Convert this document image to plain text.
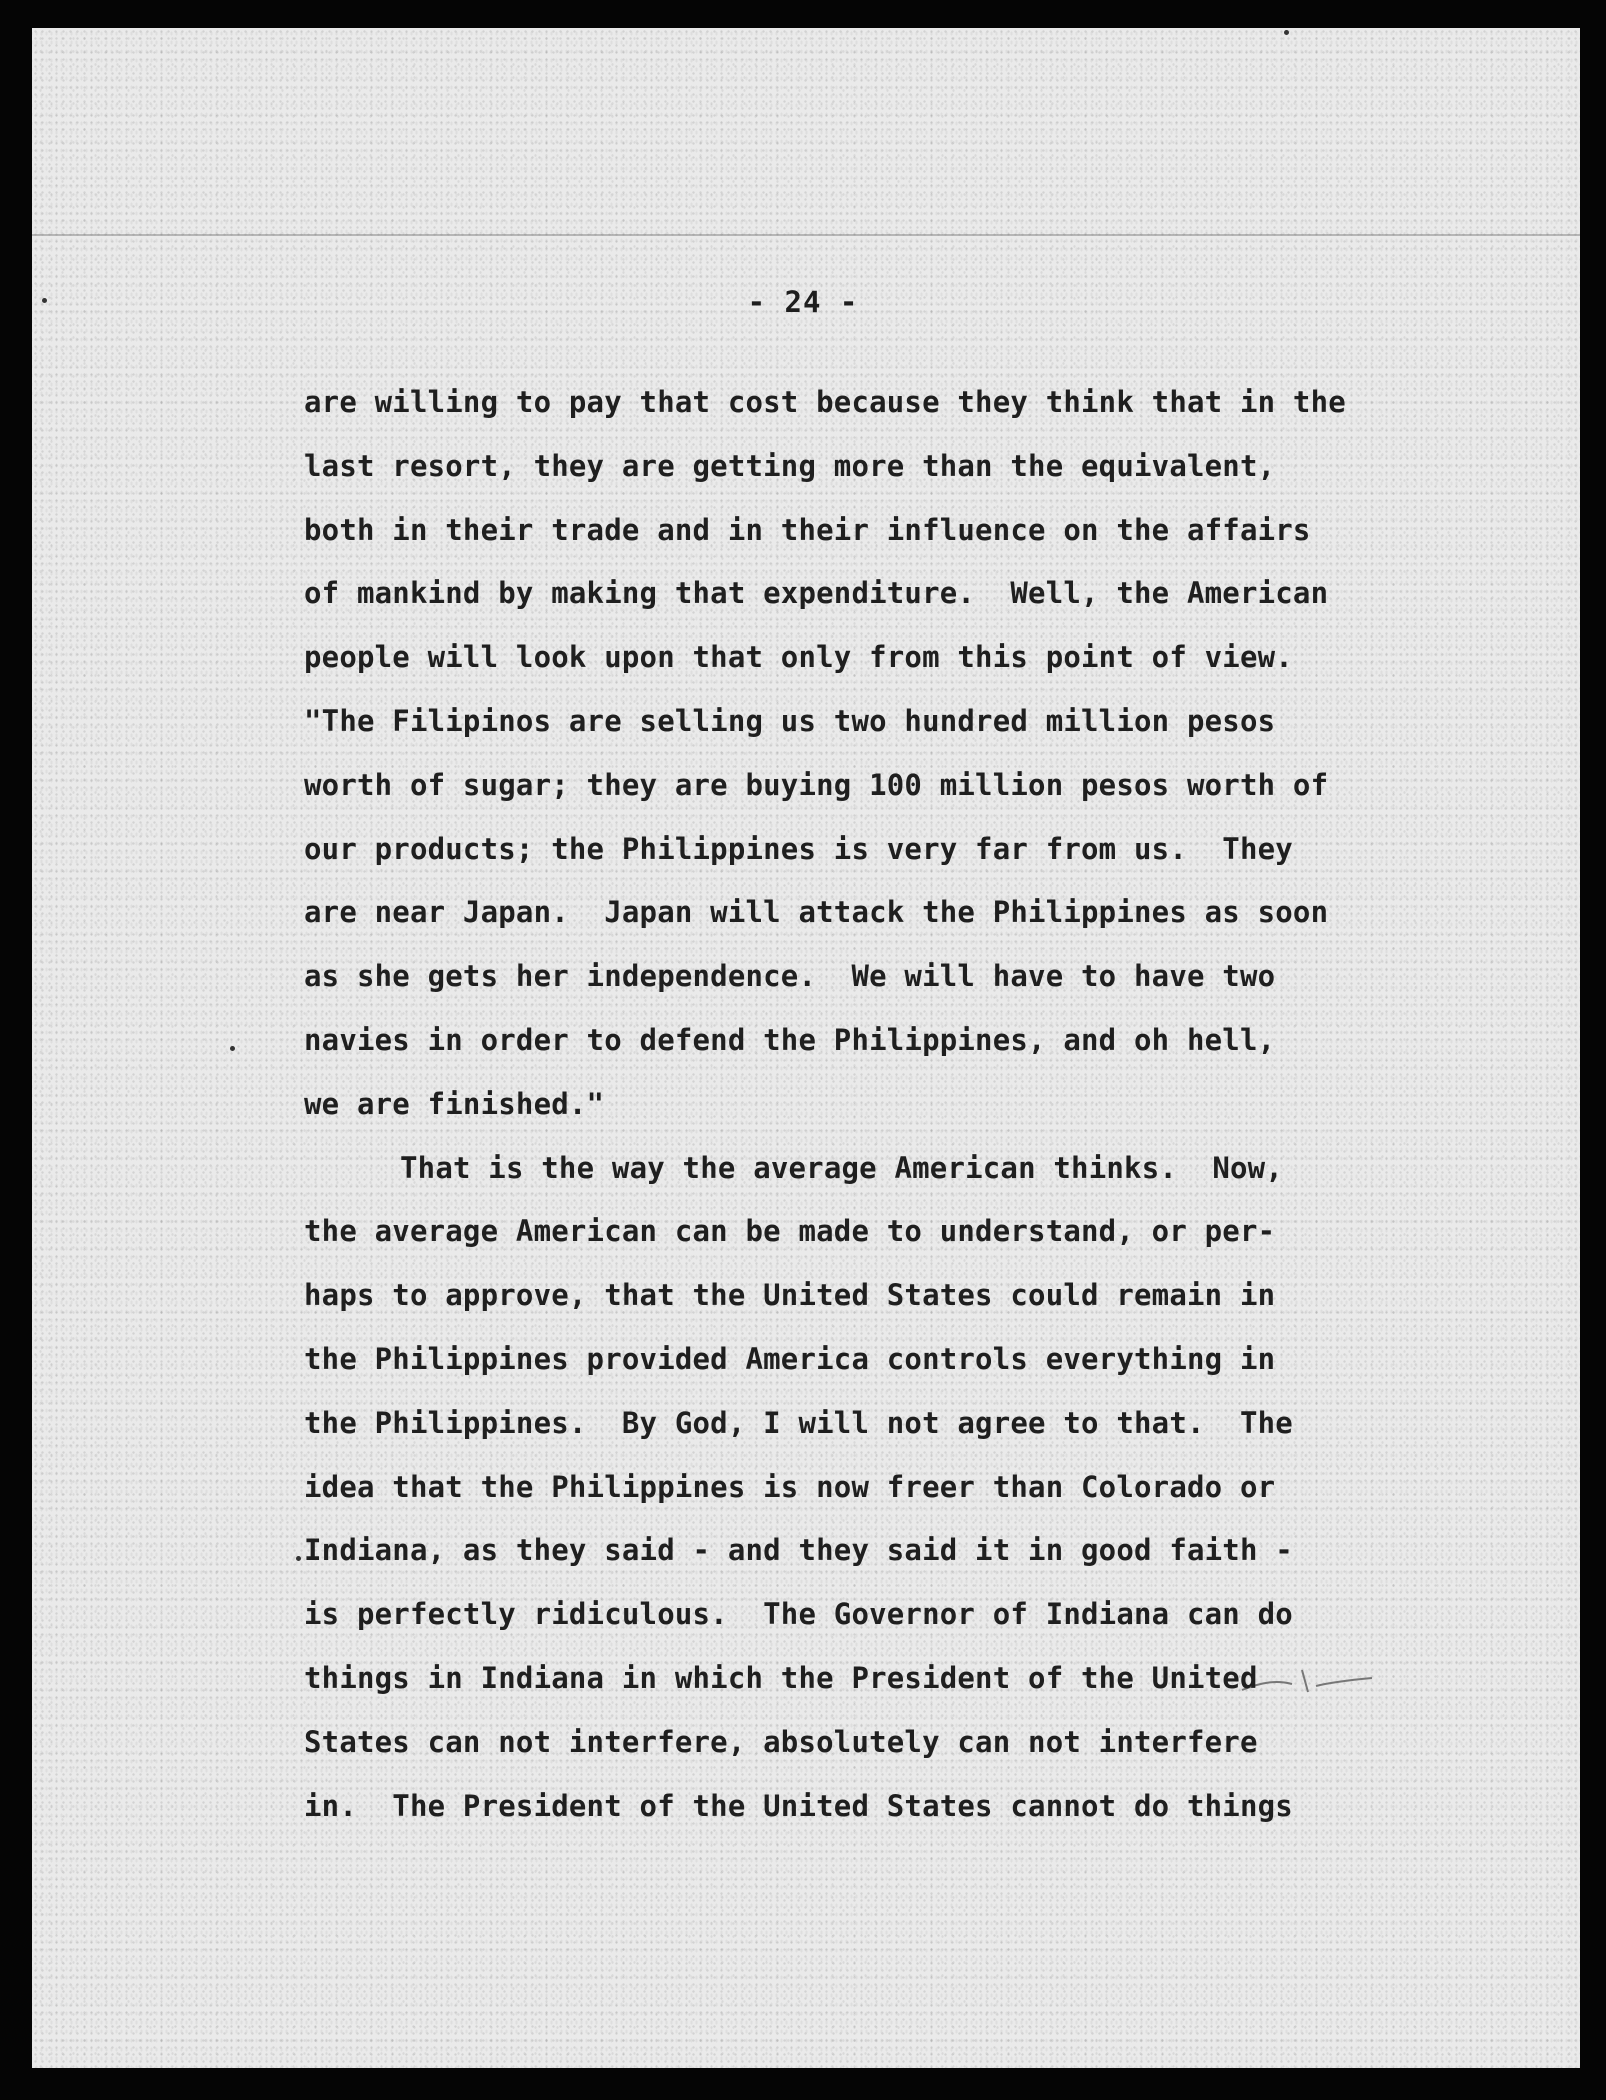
- 24 -
are willing to pay that cost because they think that in the
last resort, they are getting more than the equivalent,
both in their trade and in their influence on the affairs
of mankind by making that expenditure.  Well, the American
people will look upon that only from this point of view.
"The Filipinos are selling us two hundred million pesos
worth of sugar; they are buying 100 million pesos worth of
our products; the Philippines is very far from us.  They
are near Japan.  Japan will attack the Philippines as soon
as she gets her independence.  We will have to have two
navies in order to defend the Philippines, and oh hell,
we are finished."
That is the way the average American thinks.  Now,
the average American can be made to understand, or per-
haps to approve, that the United States could remain in
the Philippines provided America controls everything in
the Philippines.  By God, I will not agree to that.  The
idea that the Philippines is now freer than Colorado or
Indiana, as they said - and they said it in good faith -
is perfectly ridiculous.  The Governor of Indiana can do
things in Indiana in which the President of the United
States can not interfere, absolutely can not interfere
in.  The President of the United States cannot do things
